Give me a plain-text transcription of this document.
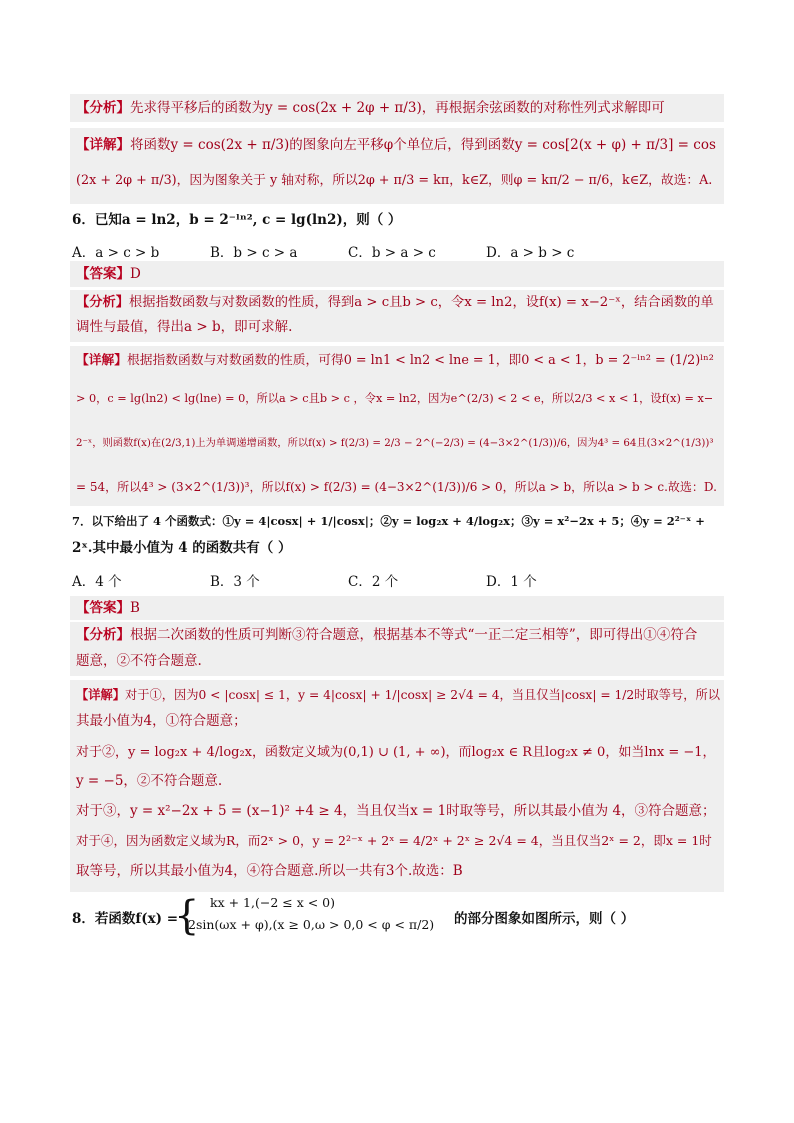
【分析】先求得平移后的函数为y = cos(2x + 2φ + π/3)，再根据余弦函数的对称性列式求解即可
【详解】将函数y = cos(2x + π/3)的图象向左平移φ个单位后，得到函数y = cos[2(x + φ) + π/3] = cos
(2x + 2φ + π/3)，因为图象关于 y 轴对称，所以2φ + π/3 = kπ，k∈Z，则φ = kπ/2 − π/6，k∈Z，故选：A.
6．已知a = ln2，b = 2⁻ˡⁿ², c = lg(ln2)，则（ ）
A．a > c > b	B．b > c > a	C．b > a > c	D．a > b > c
【答案】D
【分析】根据指数函数与对数函数的性质，得到a > c且b > c，令x = ln2，设f(x) = x−2⁻ˣ，结合函数的单
调性与最值，得出a > b，即可求解.
【详解】根据指数函数与对数函数的性质，可得0 = ln1 < ln2 < lne = 1，即0 < a < 1，b = 2⁻ˡⁿ² = (1/2)ˡⁿ²
> 0，c = lg(ln2) < lg(lne) = 0，所以a > c且b > c ，令x = ln2，因为e^(2/3) < 2 < e，所以2/3 < x < 1，设f(x) = x−
2⁻ˣ，则函数f(x)在(2/3,1)上为单调递增函数，所以f(x) > f(2/3) = 2/3 − 2^(−2/3) = (4−3×2^(1/3))/6，因为4³ = 64且(3×2^(1/3))³
= 54，所以4³ > (3×2^(1/3))³，所以f(x) > f(2/3) = (4−3×2^(1/3))/6 > 0，所以a > b，所以a > b > c.故选：D.
7．以下给出了 4 个函数式：①y = 4|cosx| + 1/|cosx|；②y = log₂x + 4/log₂x；③y = x²−2x + 5；④y = 2²⁻ˣ +
2ˣ.其中最小值为 4 的函数共有（ ）
A．4 个	B．3 个	C．2 个	D．1 个
【答案】B
【分析】根据二次函数的性质可判断③符合题意，根据基本不等式“一正二定三相等”，即可得出①④符合
题意，②不符合题意.
【详解】对于①，因为0 < |cosx| ≤ 1，y = 4|cosx| + 1/|cosx| ≥ 2√4 = 4，当且仅当|cosx| = 1/2时取等号，所以
其最小值为4，①符合题意；
对于②，y = log₂x + 4/log₂x，函数定义域为(0,1) ∪ (1, + ∞)，而log₂x ∈ R且log₂x ≠ 0，如当lnx = −1，
y = −5，②不符合题意.
对于③，y = x²−2x + 5 = (x−1)² +4 ≥ 4，当且仅当x = 1时取等号，所以其最小值为 4，③符合题意；
对于④，因为函数定义域为R，而2ˣ > 0，y = 2²⁻ˣ + 2ˣ = 4/2ˣ + 2ˣ ≥ 2√4 = 4，当且仅当2ˣ = 2，即x = 1时
取等号，所以其最小值为4，④符合题意.所以一共有3个.故选：B
8．若函数f(x) =
{ kx + 1,(−2 ≤ x < 0)
2sin(ωx + φ),(x ≥ 0,ω > 0,0 < φ < π/2) 的部分图象如图所示，则（ ）
